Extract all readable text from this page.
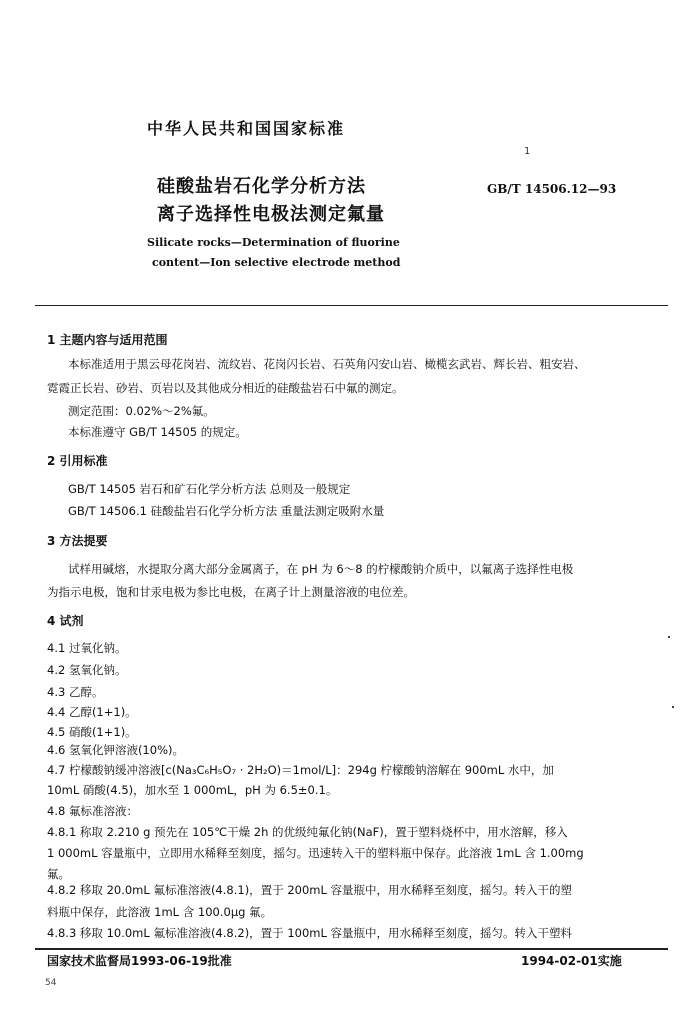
中华人民共和国国家标准
1
硅酸盐岩石化学分析方法
离子选择性电极法测定氟量
GB/T 14506.12—93
Silicate rocks—Determination of fluorine
content—Ion selective electrode method
1 主题内容与适用范围
本标准适用于黑云母花岗岩、流纹岩、花岗闪长岩、石英角闪安山岩、橄榄玄武岩、辉长岩、粗安岩、
霓霞正长岩、砂岩、页岩以及其他成分相近的硅酸盐岩石中氟的测定。
测定范围：0.02%～2%氟。
本标准遵守 GB/T 14505 的规定。
2 引用标准
GB/T 14505 岩石和矿石化学分析方法 总则及一般规定
GB/T 14506.1 硅酸盐岩石化学分析方法 重量法测定吸附水量
3 方法提要
试样用碱熔，水提取分离大部分金属离子，在 pH 为 6～8 的柠檬酸钠介质中，以氟离子选择性电极
为指示电极，饱和甘汞电极为参比电极，在离子计上测量溶液的电位差。
4 试剂
4.1 过氧化钠。
4.2 氢氧化钠。
4.3 乙醇。
4.4 乙醇(1+1)。
4.5 硝酸(1+1)。
4.6 氢氧化钾溶液(10%)。
4.7 柠檬酸钠缓冲溶液[c(Na₃C₆H₅O₇ · 2H₂O)＝1mol/L]：294g 柠檬酸钠溶解在 900mL 水中，加
10mL 硝酸(4.5)，加水至 1 000mL，pH 为 6.5±0.1。
4.8 氟标准溶液：
4.8.1 称取 2.210 g 预先在 105℃干燥 2h 的优级纯氟化钠(NaF)，置于塑料烧杯中，用水溶解，移入
1 000mL 容量瓶中，立即用水稀释至刻度，摇匀。迅速转入干的塑料瓶中保存。此溶液 1mL 含 1.00mg
氟。
4.8.2 移取 20.0mL 氟标准溶液(4.8.1)，置于 200mL 容量瓶中，用水稀释至刻度，摇匀。转入干的塑
料瓶中保存，此溶液 1mL 含 100.0μg 氟。
4.8.3 移取 10.0mL 氟标准溶液(4.8.2)，置于 100mL 容量瓶中，用水稀释至刻度，摇匀。转入干塑料
国家技术监督局1993-06-19批准	1994-02-01实施
54
